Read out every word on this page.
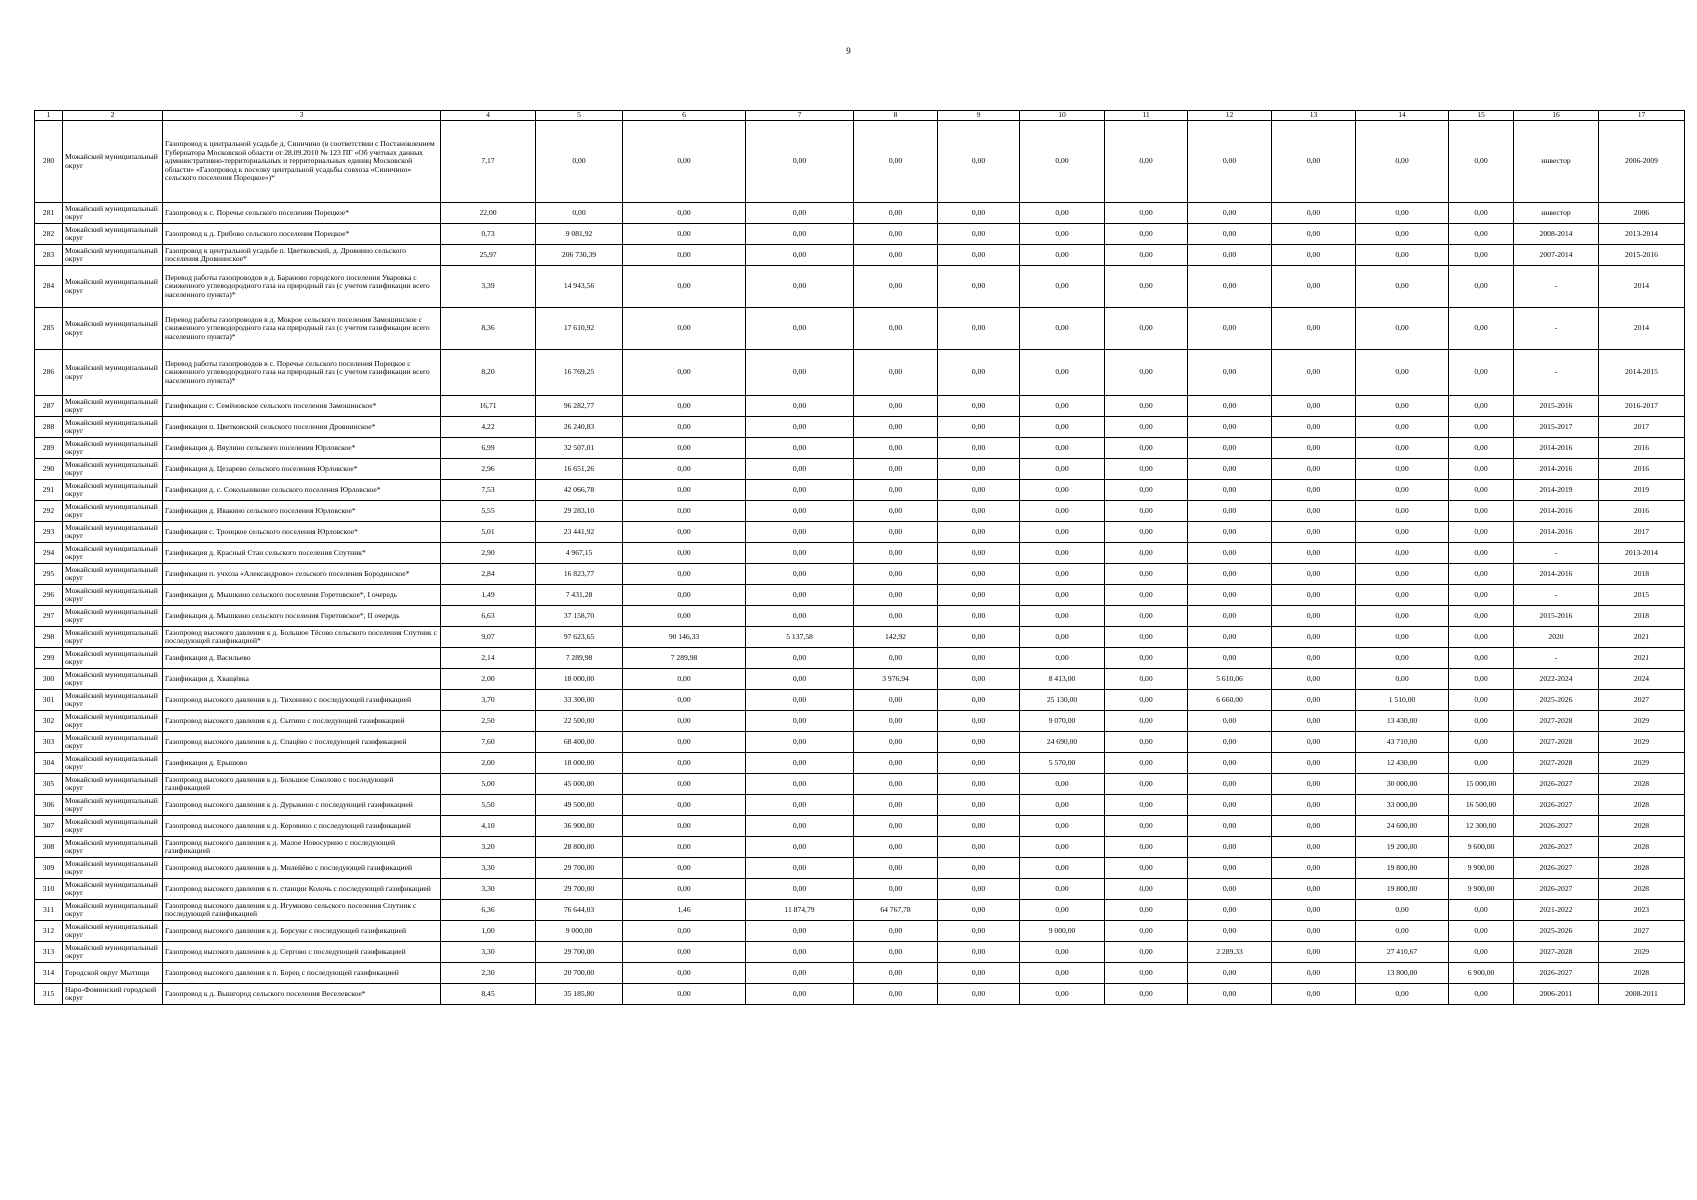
9
1	2	3	4	5	6	7	8	9	10	11	12	13	14	15	16	17
280	Можайский муниципальный округ	Газопровод к центральной усадьбе д. Синичино (в соответствии с Постановлением Губернатора Московской области от 28.09.2010 № 123 ПГ «Об учетных данных административно-территориальных и территориальных единиц Московской области» «Газопровод к поселку центральной усадьбы совхоза «Синичино» сельского поселения Порецкое»)*	7,17	0,00	0,00	0,00	0,00	0,00	0,00	0,00	0,00	0,00	0,00	0,00	инвестор	2006-2009
281	Можайский муниципальный округ	Газопровод к с. Поречье сельского поселения Порецкое*	22,00	0,00	0,00	0,00	0,00	0,00	0,00	0,00	0,00	0,00	0,00	0,00	инвестор	2006
282	Можайский муниципальный округ	Газопровод к д. Грибово сельского поселения Порецкое*	0,73	9 081,92	0,00	0,00	0,00	0,00	0,00	0,00	0,00	0,00	0,00	0,00	2008-2014	2013-2014
283	Можайский муниципальный округ	Газопровод к центральной усадьбе п. Цветковский, д. Дровнино сельского поселения Дровнинское*	25,97	206 730,39	0,00	0,00	0,00	0,00	0,00	0,00	0,00	0,00	0,00	0,00	2007-2014	2015-2016
284	Можайский муниципальный округ	Перевод работы газопроводов в д. Бараново городского поселения Уваровка с сжиженного углеводородного газа на природный газ (с учетом газификации всего населенного пункта)*	3,39	14 943,56	0,00	0,00	0,00	0,00	0,00	0,00	0,00	0,00	0,00	0,00	-	2014
285	Можайский муниципальный округ	Перевод работы газопроводов в д. Мокрое сельского поселения Замошинское с сжиженного углеводородного газа на природный газ (с учетом газификации всего населенного пункта)*	8,36	17 610,92	0,00	0,00	0,00	0,00	0,00	0,00	0,00	0,00	0,00	0,00	-	2014
286	Можайский муниципальный округ	Перевод работы газопроводов в с. Поречье сельского поселения Порецкое с сжиженного углеводородного газа на природный газ (с учетом газификации всего населенного пункта)*	8,20	16 769,25	0,00	0,00	0,00	0,00	0,00	0,00	0,00	0,00	0,00	0,00	-	2014-2015
287	Можайский муниципальный округ	Газификация с. Семёновское сельского поселения Замошинское*	16,71	96 282,77	0,00	0,00	0,00	0,00	0,00	0,00	0,00	0,00	0,00	0,00	2015-2016	2016-2017
288	Можайский муниципальный округ	Газификация п. Цветковский сельского поселения Дровнинское*	4,22	26 240,83	0,00	0,00	0,00	0,00	0,00	0,00	0,00	0,00	0,00	0,00	2015-2017	2017
289	Можайский муниципальный округ	Газификация д. Вяулино сельского поселения Юрловское*	6,99	32 507,01	0,00	0,00	0,00	0,00	0,00	0,00	0,00	0,00	0,00	0,00	2014-2016	2016
290	Можайский муниципальный округ	Газификация д. Цезарево сельского поселения Юрловское*	2,96	16 651,26	0,00	0,00	0,00	0,00	0,00	0,00	0,00	0,00	0,00	0,00	2014-2016	2016
291	Можайский муниципальный округ	Газификация д. с. Сокольниково сельского поселения Юрловское*	7,53	42 066,78	0,00	0,00	0,00	0,00	0,00	0,00	0,00	0,00	0,00	0,00	2014-2019	2019
292	Можайский муниципальный округ	Газификация д. Ивакино сельского поселения Юрловское*	5,55	29 283,10	0,00	0,00	0,00	0,00	0,00	0,00	0,00	0,00	0,00	0,00	2014-2016	2016
293	Можайский муниципальный округ	Газификация с. Троицкое сельского поселения Юрловское*	5,01	23 441,92	0,00	0,00	0,00	0,00	0,00	0,00	0,00	0,00	0,00	0,00	2014-2016	2017
294	Можайский муниципальный округ	Газификация д. Красный Стан сельского поселения Спутник*	2,90	4 967,15	0,00	0,00	0,00	0,00	0,00	0,00	0,00	0,00	0,00	0,00	-	2013-2014
295	Можайский муниципальный округ	Газификация п. учхоза «Александрово» сельского поселения Бородинское*	2,84	16 823,77	0,00	0,00	0,00	0,00	0,00	0,00	0,00	0,00	0,00	0,00	2014-2016	2018
296	Можайский муниципальный округ	Газификация д. Мышкино сельского поселения Горетовское*, I очередь	1,49	7 431,28	0,00	0,00	0,00	0,00	0,00	0,00	0,00	0,00	0,00	0,00	-	2015
297	Можайский муниципальный округ	Газификация д. Мышкино сельского поселения Горетовское*, II очередь	6,63	37 158,70	0,00	0,00	0,00	0,00	0,00	0,00	0,00	0,00	0,00	0,00	2015-2016	2018
298	Можайский муниципальный округ	Газопровод высокого давления к д. Большое Тёсово сельского поселения Спутник с последующей газификацией*	9,07	97 623,65	90 146,33	5 137,58	142,92	0,00	0,00	0,00	0,00	0,00	0,00	0,00	2020	2021
299	Можайский муниципальный округ	Газификация д. Васильево	2,14	7 289,98	7 289,98	0,00	0,00	0,00	0,00	0,00	0,00	0,00	0,00	0,00	-	2021
300	Можайский муниципальный округ	Газификация д. Хващёвка	2,00	18 000,00	0,00	0,00	3 976,94	0,00	8 413,00	0,00	5 610,06	0,00	0,00	0,00	2022-2024	2024
301	Можайский муниципальный округ	Газопровод высокого давления к д. Тихонино с последующей газификацией	3,70	33 300,00	0,00	0,00	0,00	0,00	25 130,00	0,00	6 660,00	0,00	1 510,00	0,00	2025-2026	2027
302	Можайский муниципальный округ	Газопровод высокого давления к д. Сытино с последующей газификацией	2,50	22 500,00	0,00	0,00	0,00	0,00	9 070,00	0,00	0,00	0,00	13 430,00	0,00	2027-2028	2029
303	Можайский муниципальный округ	Газопровод высокого давления к д. Спацёво с последующей газификацией	7,60	68 400,00	0,00	0,00	0,00	0,00	24 690,00	0,00	0,00	0,00	43 710,00	0,00	2027-2028	2029
304	Можайский муниципальный округ	Газификация д. Ерышово	2,00	18 000,00	0,00	0,00	0,00	0,00	5 570,00	0,00	0,00	0,00	12 430,00	0,00	2027-2028	2029
305	Можайский муниципальный округ	Газопровод высокого давления к д. Большое Соколово с последующей газификацией	5,00	45 000,00	0,00	0,00	0,00	0,00	0,00	0,00	0,00	0,00	30 000,00	15 000,00	2026-2027	2028
306	Можайский муниципальный округ	Газопровод высокого давления к д. Дурыкино с последующей газификацией	5,50	49 500,00	0,00	0,00	0,00	0,00	0,00	0,00	0,00	0,00	33 000,00	16 500,00	2026-2027	2028
307	Можайский муниципальный округ	Газопровод высокого давления к д. Коровино с последующей газификацией	4,10	36 900,00	0,00	0,00	0,00	0,00	0,00	0,00	0,00	0,00	24 600,00	12 300,00	2026-2027	2028
308	Можайский муниципальный округ	Газопровод высокого давления к д. Малое Новосурино с последующей газификацией	3,20	28 800,00	0,00	0,00	0,00	0,00	0,00	0,00	0,00	0,00	19 200,00	9 600,00	2026-2027	2028
309	Можайский муниципальный округ	Газопровод высокого давления к д. Милейёво с последующей газификацией	3,30	29 700,00	0,00	0,00	0,00	0,00	0,00	0,00	0,00	0,00	19 800,00	9 900,00	2026-2027	2028
310	Можайский муниципальный округ	Газопровод высокого давления к п. станции Колочь с последующей газификацией	3,30	29 700,00	0,00	0,00	0,00	0,00	0,00	0,00	0,00	0,00	19 800,00	9 900,00	2026-2027	2028
311	Можайский муниципальный округ	Газопровод высокого давления к д. Игумново сельского поселения Спутник с последующей газификацией	6,36	76 644,03	1,46	11 874,79	64 767,78	0,00	0,00	0,00	0,00	0,00	0,00	0,00	2021-2022	2023
312	Можайский муниципальный округ	Газопровод высокого давления к д. Борсуки с последующей газификацией	1,00	9 000,00	0,00	0,00	0,00	0,00	9 000,00	0,00	0,00	0,00	0,00	0,00	2025-2026	2027
313	Можайский муниципальный округ	Газопровод высокого давления к д. Сергово с последующей газификацией	3,30	29 700,00	0,00	0,00	0,00	0,00	0,00	0,00	2 289,33	0,00	27 410,67	0,00	2027-2028	2029
314	Городской округ Мытищи	Газопровод высокого давления к п. Борец с последующей газификацией	2,30	20 700,00	0,00	0,00	0,00	0,00	0,00	0,00	0,00	0,00	13 800,00	6 900,00	2026-2027	2028
315	Наро-Фоминский городской округ	Газопровод к д. Вышгород сельского поселения Веселевское*	8,45	35 185,80	0,00	0,00	0,00	0,00	0,00	0,00	0,00	0,00	0,00	0,00	2006-2011	2008-2011
